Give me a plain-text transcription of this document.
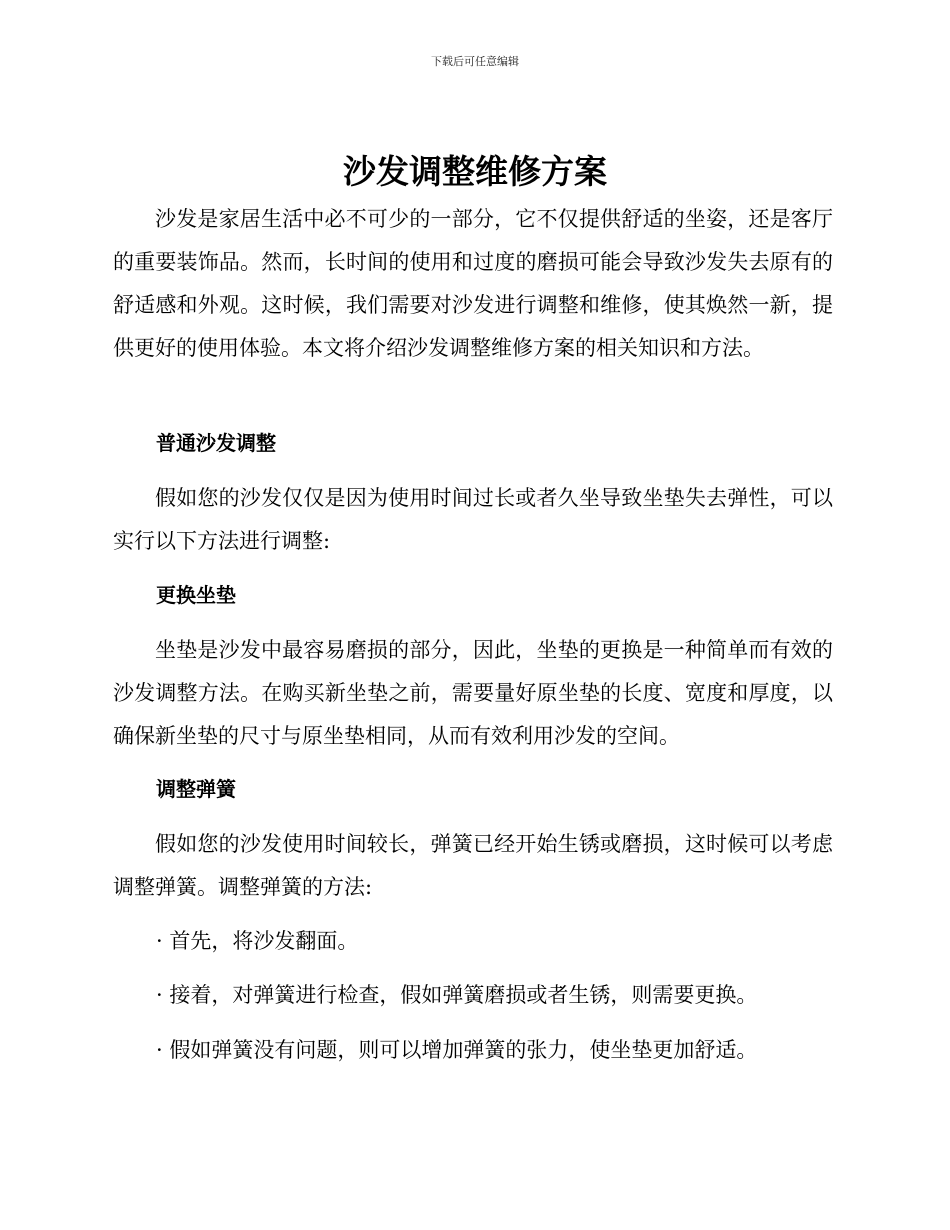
下载后可任意编辑
沙发调整维修方案

沙发是家居生活中必不可少的一部分，它不仅提供舒适的坐姿，还是客厅的重要装饰品。然而，长时间的使用和过度的磨损可能会导致沙发失去原有的舒适感和外观。这时候，我们需要对沙发进行调整和维修，使其焕然一新，提供更好的使用体验。本文将介绍沙发调整维修方案的相关知识和方法。

普通沙发调整

假如您的沙发仅仅是因为使用时间过长或者久坐导致坐垫失去弹性，可以实行以下方法进行调整:

更换坐垫

坐垫是沙发中最容易磨损的部分，因此，坐垫的更换是一种简单而有效的沙发调整方法。在购买新坐垫之前，需要量好原坐垫的长度、宽度和厚度，以确保新坐垫的尺寸与原坐垫相同，从而有效利用沙发的空间。

调整弹簧

假如您的沙发使用时间较长，弹簧已经开始生锈或磨损，这时候可以考虑调整弹簧。调整弹簧的方法:

· 首先，将沙发翻面。

· 接着，对弹簧进行检查，假如弹簧磨损或者生锈，则需要更换。

· 假如弹簧没有问题，则可以增加弹簧的张力，使坐垫更加舒适。
